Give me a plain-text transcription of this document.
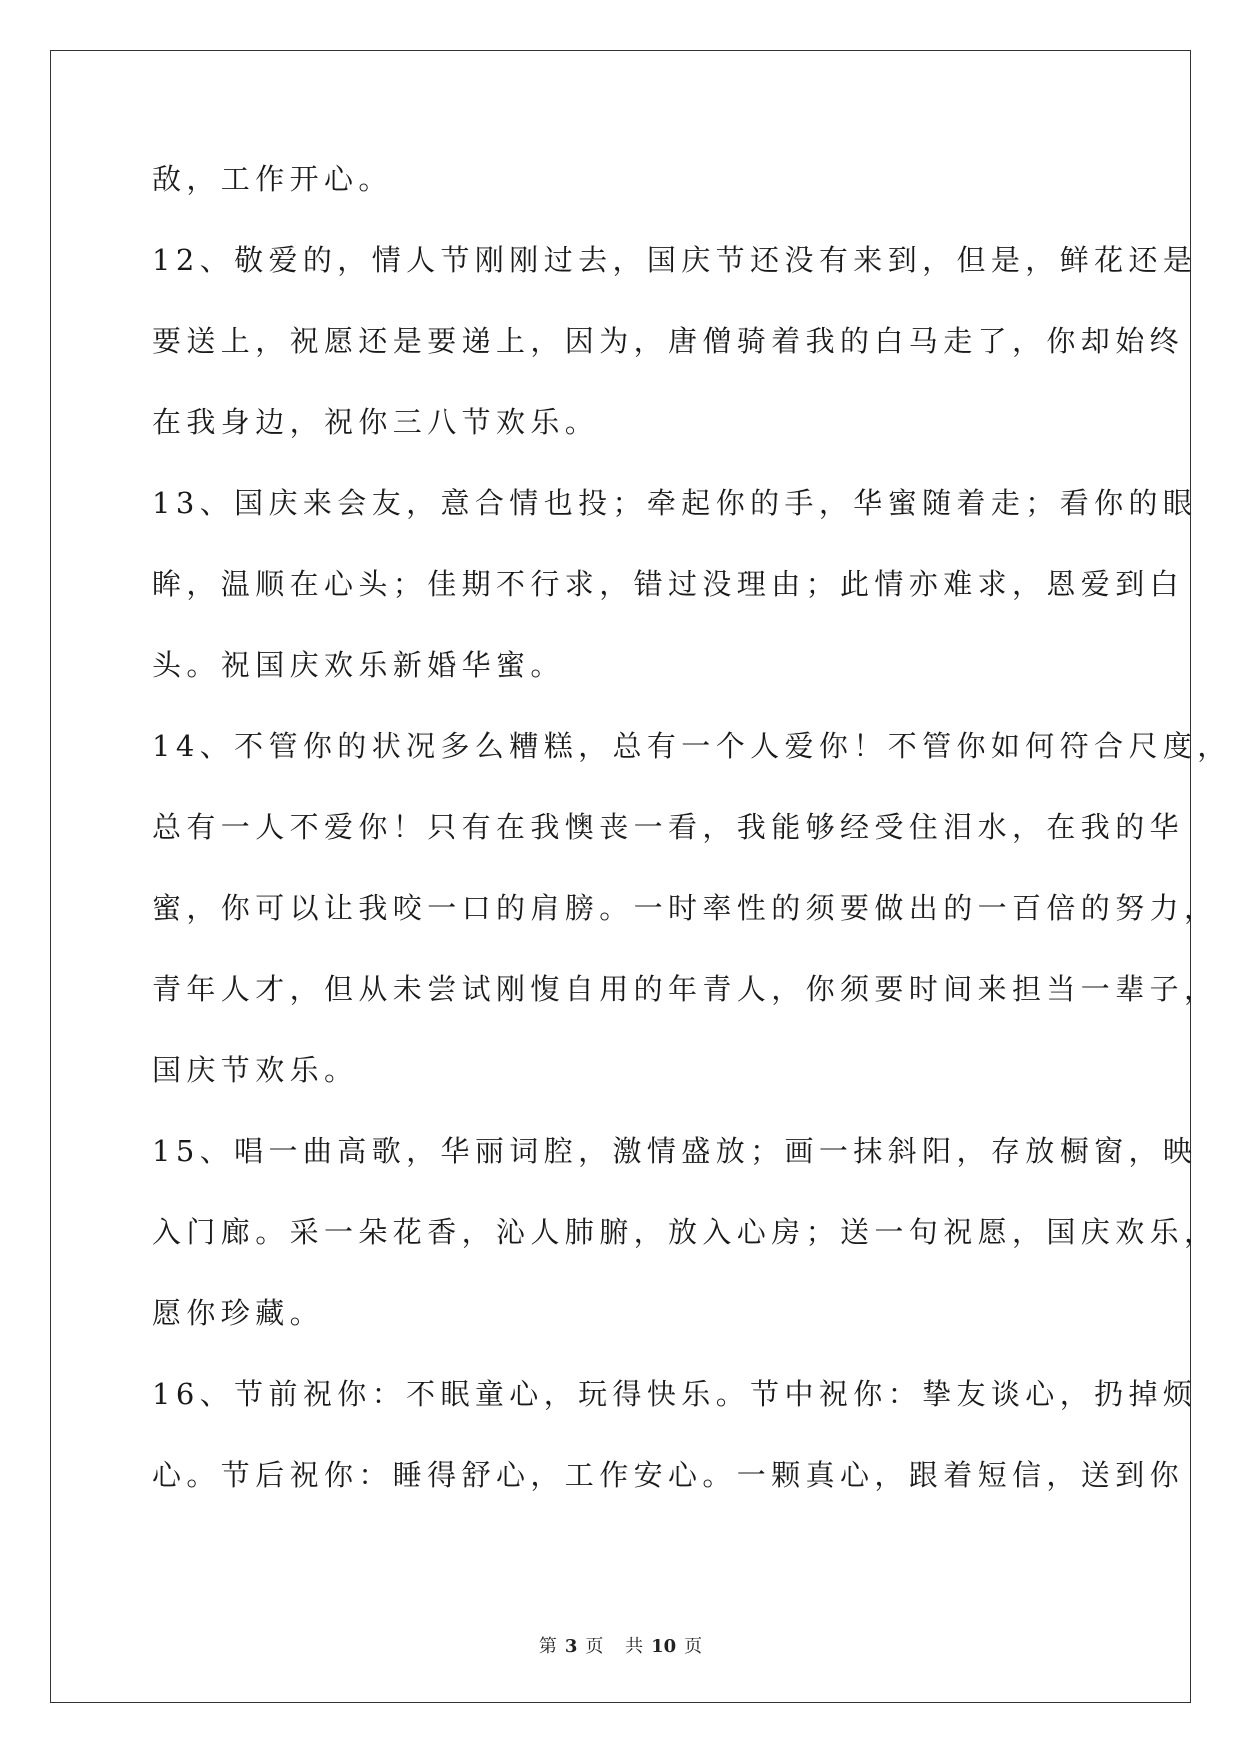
敌，工作开心。
12、敬爱的，情人节刚刚过去，国庆节还没有来到，但是，鲜花还是
要送上，祝愿还是要递上，因为，唐僧骑着我的白马走了，你却始终
在我身边，祝你三八节欢乐。
13、国庆来会友，意合情也投；牵起你的手，华蜜随着走；看你的眼
眸，温顺在心头；佳期不行求，错过没理由；此情亦难求，恩爱到白
头。祝国庆欢乐新婚华蜜。
14、不管你的状况多么糟糕，总有一个人爱你！不管你如何符合尺度，
总有一人不爱你！只有在我懊丧一看，我能够经受住泪水，在我的华
蜜，你可以让我咬一口的肩膀。一时率性的须要做出的一百倍的努力，
青年人才，但从未尝试刚愎自用的年青人，你须要时间来担当一辈子，
国庆节欢乐。
15、唱一曲高歌，华丽词腔，激情盛放；画一抹斜阳，存放橱窗，映
入门廊。采一朵花香，沁人肺腑，放入心房；送一句祝愿，国庆欢乐，
愿你珍藏。
16、节前祝你：不眠童心，玩得快乐。节中祝你：挚友谈心，扔掉烦
心。节后祝你：睡得舒心，工作安心。一颗真心，跟着短信，送到你
第 3 页 共 10 页
